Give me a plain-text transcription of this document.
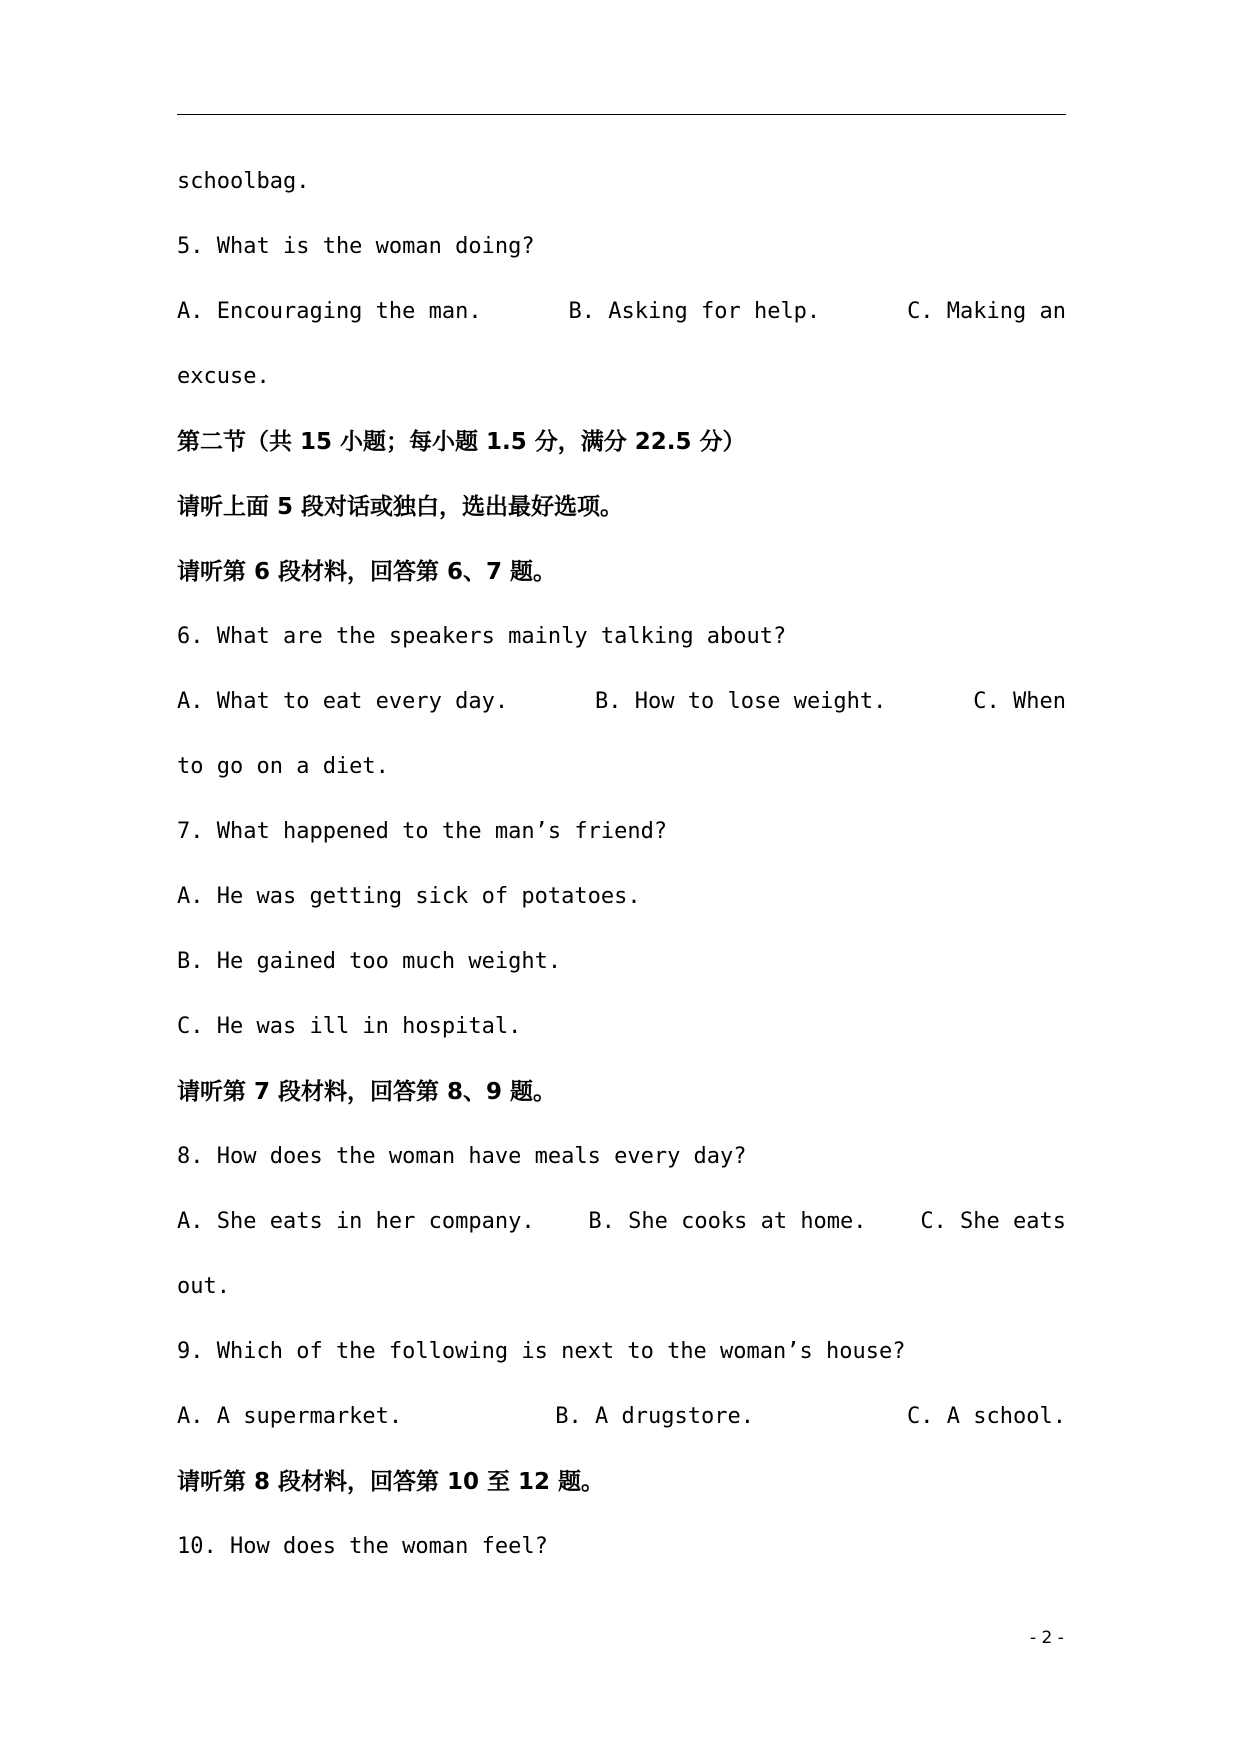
schoolbag.
5. What is the woman doing?
A. Encouraging the man.	B. Asking for help.	C. Making an
excuse.
第二节（共 15 小题；每小题 1.5 分，满分 22.5 分）
请听上面 5 段对话或独白，选出最好选项。
请听第 6 段材料，回答第 6、7 题。
6. What are the speakers mainly talking about?
A. What to eat every day.	B. How to lose weight.	C. When
to go on a diet.
7. What happened to the man’s friend?
A. He was getting sick of potatoes.
B. He gained too much weight.
C. He was ill in hospital.
请听第 7 段材料，回答第 8、9 题。
8. How does the woman have meals every day?
A. She eats in her company. B. She cooks at home. C. She eats
out.
9. Which of the following is next to the woman’s house?
A. A supermarket.	B. A drugstore.	C. A school.
请听第 8 段材料，回答第 10 至 12 题。
10. How does the woman feel?
- 2 -
